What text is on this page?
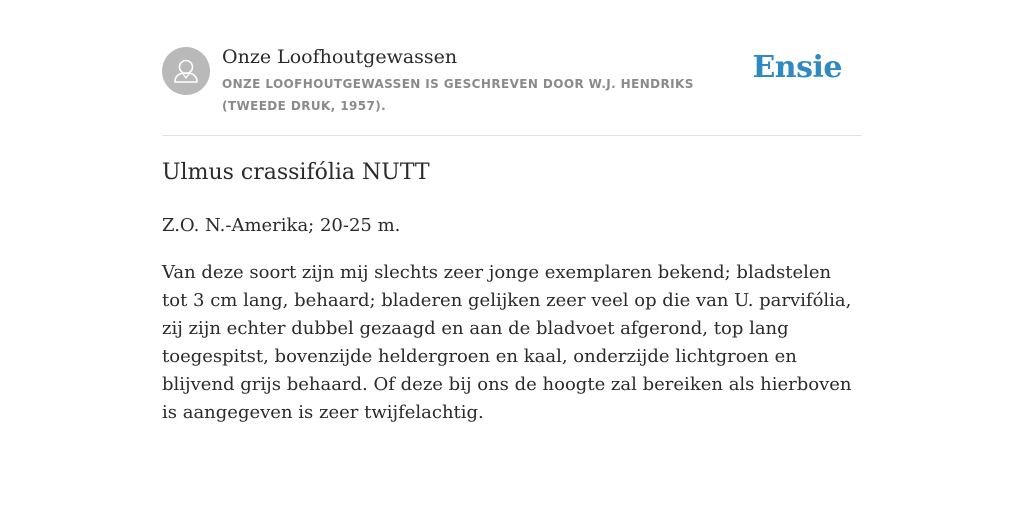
Onze Loofhoutgewassen
ONZE LOOFHOUTGEWASSEN IS GESCHREVEN DOOR W.J. HENDRIKS (TWEEDE DRUK, 1957).
Ensie
Ulmus crassifólia NUTT

Z.O. N.-Amerika; 20-25 m.

Van deze soort zijn mij slechts zeer jonge exemplaren bekend; bladstelen tot 3 cm lang, behaard; bladeren gelijken zeer veel op die van U. parvifólia, zij zijn echter dubbel gezaagd en aan de bladvoet afgerond, top lang toegespitst, bovenzijde heldergroen en kaal, onderzijde lichtgroen en blijvend grijs behaard. Of deze bij ons de hoogte zal bereiken als hierboven is aangegeven is zeer twijfelachtig.
